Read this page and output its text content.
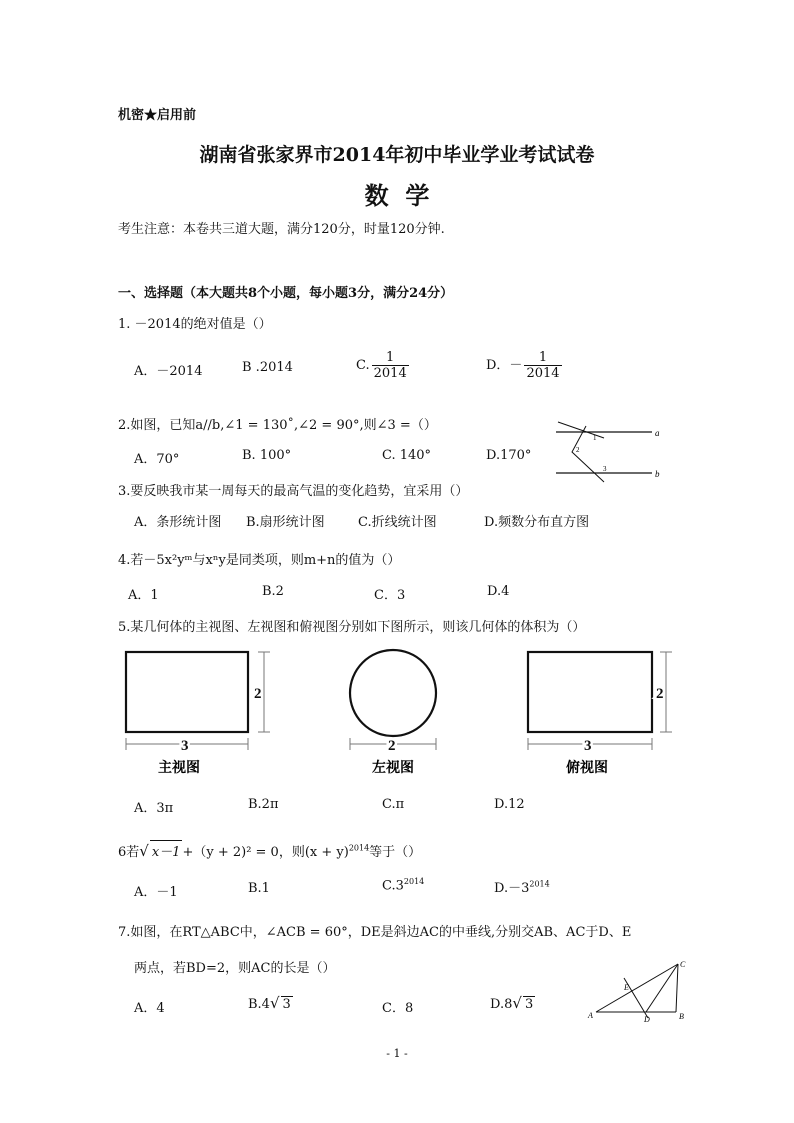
机密★启用前
湖南省张家界市2014年初中毕业学业考试试卷
数  学
考生注意：本卷共三道大题，满分120分，时量120分钟.
一、选择题（本大题共8个小题，每小题3分，满分24分）
1. －2014的绝对值是（）
A．－2014	B .2014	C. $\frac{1}{2014}$	D．－ $\frac{1}{2014}$
2.如图，已知a//b,∠1 = 130˚,∠2 = 90°,则∠3 =（）
A．70°	B. 100°	C. 140°	D.170°
a
b
1
2
3
3.要反映我市某一周每天的最高气温的变化趋势，宜采用（）
A．条形统计图 B.扇形统计图	C.折线统计图	D.频数分布直方图
4.若－5x²yᵐ与xⁿy是同类项，则m+n的值为（）
A．1	B.2	C．3	D.4
5.某几何体的主视图、左视图和俯视图分别如下图所示，则该几何体的体积为（）
2
3
主视图
2
左视图
2
3
俯视图
A．3π	B.2π	C.π	D.12
6若√ x－1 +（y + 2)² = 0，则$(x + y)^{2014}$等于（）
A．－1	B.1	$C.3^{2014}$	$D.-3^{2014}$
7.如图，在RT△ABC中，∠ACB = 60°，DE是斜边AC的中垂线,分别交AB、AC于D、E
两点，若BD=2，则AC的长是（）
A．4	B.4√ 3	C．8	D.8√ 3
A	B
C
D
E
- 1 -
